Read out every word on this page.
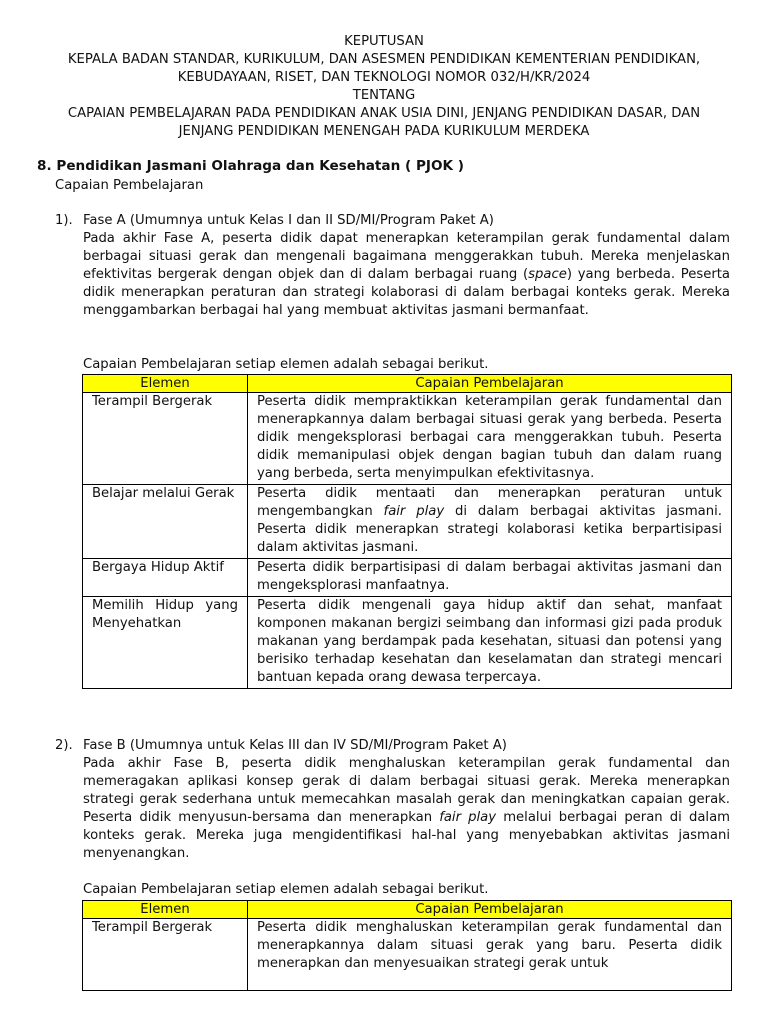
KEPUTUSAN
KEPALA BADAN STANDAR, KURIKULUM, DAN ASESMEN PENDIDIKAN KEMENTERIAN PENDIDIKAN,
KEBUDAYAAN, RISET, DAN TEKNOLOGI NOMOR 032/H/KR/2024
TENTANG
CAPAIAN PEMBELAJARAN PADA PENDIDIKAN ANAK USIA DINI, JENJANG PENDIDIKAN DASAR, DAN
JENJANG PENDIDIKAN MENENGAH PADA KURIKULUM MERDEKA
8. Pendidikan Jasmani Olahraga dan Kesehatan ( PJOK )
Capaian Pembelajaran
1). Fase A (Umumnya untuk Kelas I dan II SD/MI/Program Paket A)
Pada akhir Fase A, peserta didik dapat menerapkan keterampilan gerak fundamental dalam berbagai situasi gerak dan mengenali bagaimana menggerakkan tubuh. Mereka menjelaskan efektivitas bergerak dengan objek dan di dalam berbagai ruang (space) yang berbeda. Peserta didik menerapkan peraturan dan strategi kolaborasi di dalam berbagai konteks gerak. Mereka menggambarkan berbagai hal yang membuat aktivitas jasmani bermanfaat.
Capaian Pembelajaran setiap elemen adalah sebagai berikut.
Elemen	Capaian Pembelajaran
Terampil Bergerak	Peserta didik mempraktikkan keterampilan gerak fundamental dan menerapkannya dalam berbagai situasi gerak yang berbeda. Peserta didik mengeksplorasi berbagai cara menggerakkan tubuh. Peserta didik memanipulasi objek dengan bagian tubuh dan dalam ruang yang berbeda, serta menyimpulkan efektivitasnya.
Belajar melalui Gerak	Peserta didik mentaati dan menerapkan peraturan untuk mengembangkan fair play di dalam berbagai aktivitas jasmani. Peserta didik menerapkan strategi kolaborasi ketika berpartisipasi dalam aktivitas jasmani.
Bergaya Hidup Aktif	Peserta didik berpartisipasi di dalam berbagai aktivitas jasmani dan mengeksplorasi manfaatnya.
Memilih Hidup yang Menyehatkan	Peserta didik mengenali gaya hidup aktif dan sehat, manfaat komponen makanan bergizi seimbang dan informasi gizi pada produk makanan yang berdampak pada kesehatan, situasi dan potensi yang berisiko terhadap kesehatan dan keselamatan dan strategi mencari bantuan kepada orang dewasa terpercaya.
2). Fase B (Umumnya untuk Kelas III dan IV SD/MI/Program Paket A)
Pada akhir Fase B, peserta didik menghaluskan keterampilan gerak fundamental dan memeragakan aplikasi konsep gerak di dalam berbagai situasi gerak. Mereka menerapkan strategi gerak sederhana untuk memecahkan masalah gerak dan meningkatkan capaian gerak. Peserta didik menyusun-bersama dan menerapkan fair play melalui berbagai peran di dalam konteks gerak. Mereka juga mengidentifikasi hal-hal yang menyebabkan aktivitas jasmani menyenangkan.
Capaian Pembelajaran setiap elemen adalah sebagai berikut.
Elemen	Capaian Pembelajaran

Terampil Bergerak	Peserta didik menghaluskan keterampilan gerak fundamental dan menerapkannya dalam situasi gerak yang baru. Peserta didik menerapkan dan menyesuaikan strategi gerak untuk
